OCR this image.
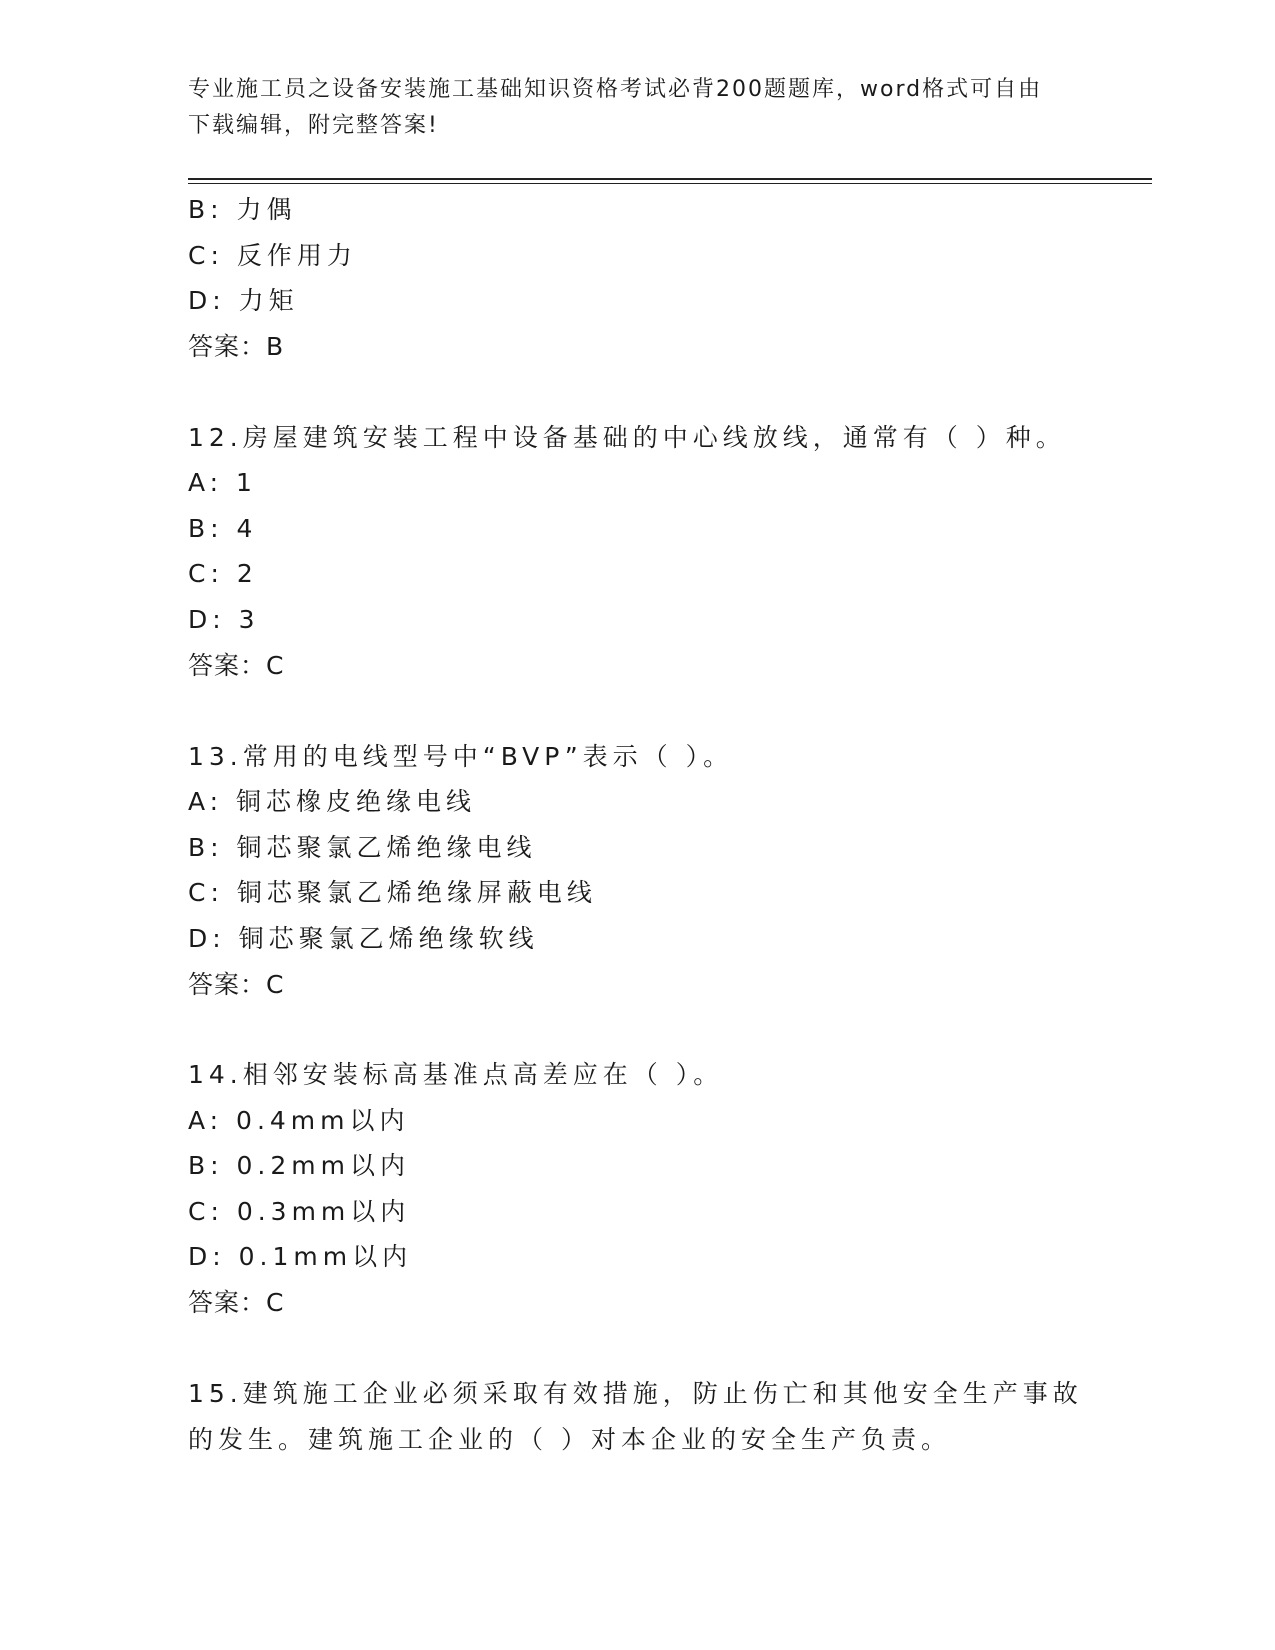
专业施工员之设备安装施工基础知识资格考试必背200题题库，word格式可自由
下载编辑，附完整答案!
B: 力偶
C: 反作用力
D: 力矩
答案：B
12.房屋建筑安装工程中设备基础的中心线放线，通常有（ ）种。
A: 1
B: 4
C: 2
D: 3
答案：C
13.常用的电线型号中“BVP”表示（ ）。
A: 铜芯橡皮绝缘电线
B: 铜芯聚氯乙烯绝缘电线
C: 铜芯聚氯乙烯绝缘屏蔽电线
D: 铜芯聚氯乙烯绝缘软线
答案：C
14.相邻安装标高基准点高差应在（ ）。
A: 0.4mm以内
B: 0.2mm以内
C: 0.3mm以内
D: 0.1mm以内
答案：C
15.建筑施工企业必须采取有效措施，防止伤亡和其他安全生产事故的发生。建筑施工企业的（ ）对本企业的安全生产负责。
